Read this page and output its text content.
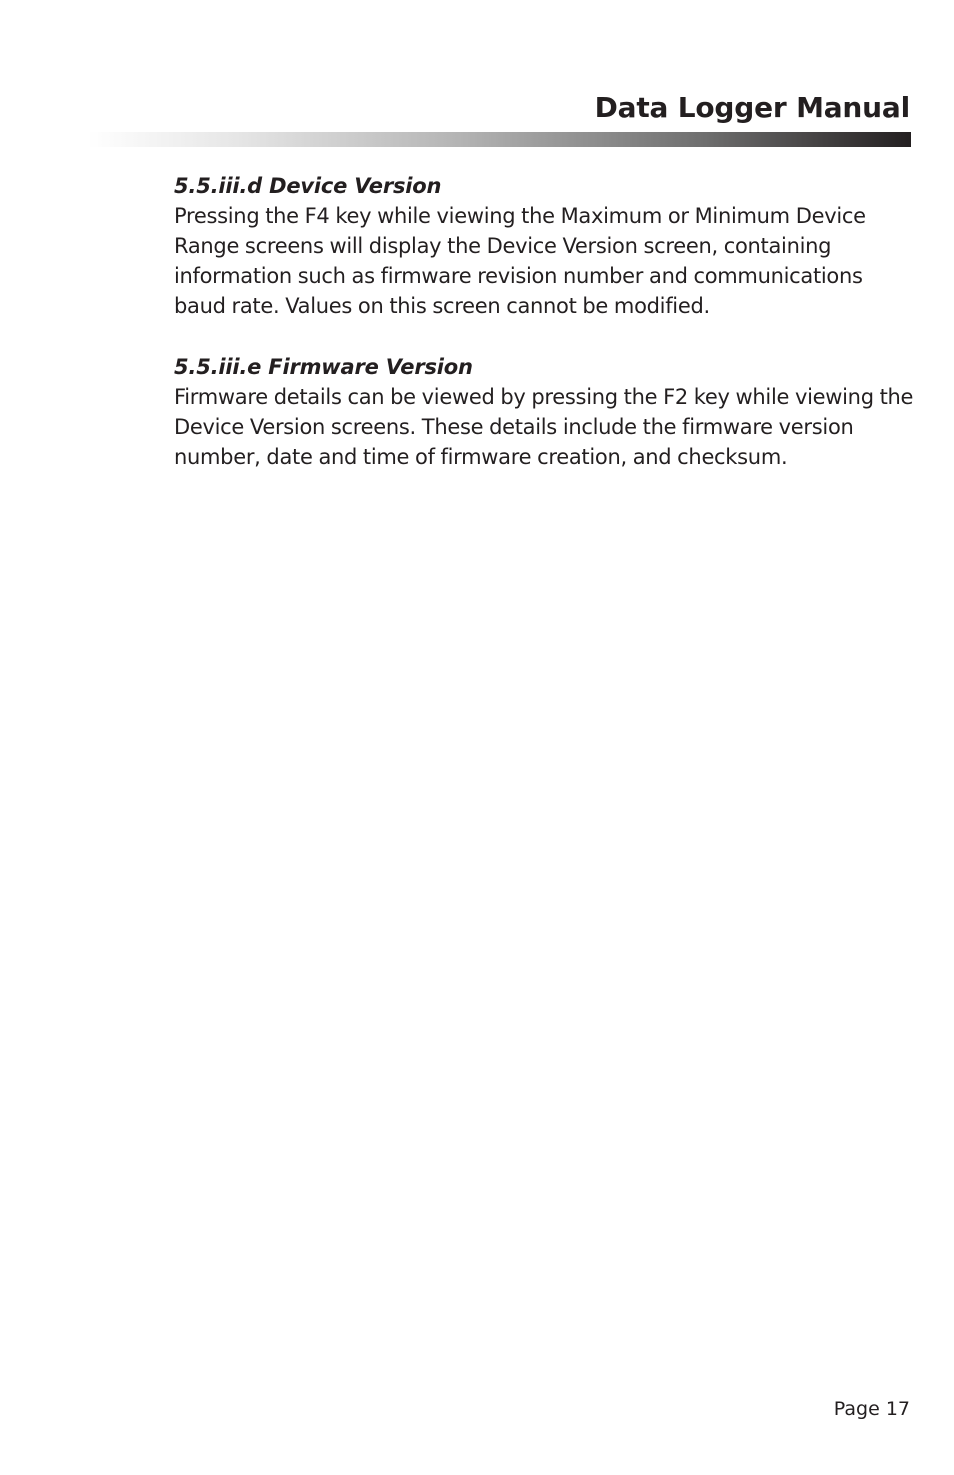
Data Logger Manual

5.5.iii.d Device Version

Pressing the F4 key while viewing the Maximum or Minimum Device Range screens will display the Device Version screen, containing information such as firmware revision number and communications baud rate. Values on this screen cannot be modified.

5.5.iii.e Firmware Version

Firmware details can be viewed by pressing the F2 key while viewing the Device Version screens. These details include the firmware version number, date and time of firmware creation, and checksum.

Page 17
